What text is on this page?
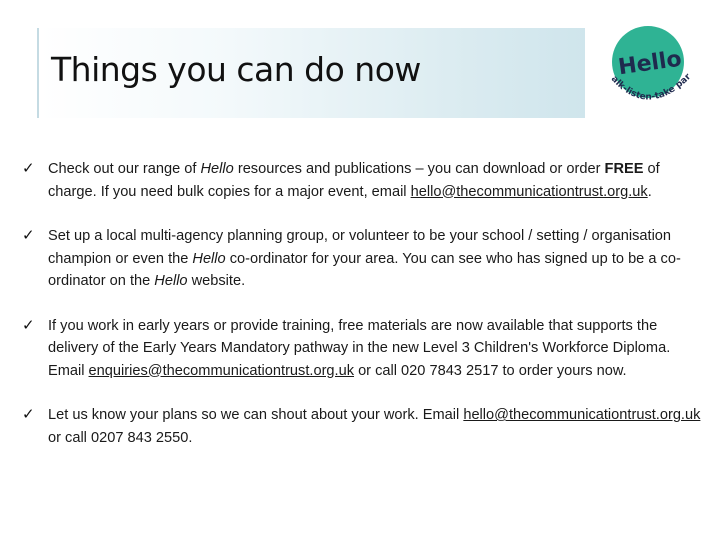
Things you can do now	Hello
alk-listen-take par
✓ Check out our range of Hello resources and publications – you can download or order FREE of charge. If you need bulk copies for a major event, email hello@thecommunicationtrust.org.uk.
✓ Set up a local multi-agency planning group, or volunteer to be your school / setting / organisation champion or even the Hello co-ordinator for your area. You can see who has signed up to be a co-ordinator on the Hello website.
✓ If you work in early years or provide training, free materials are now available that supports the delivery of the Early Years Mandatory pathway in the new Level 3 Children's Workforce Diploma. Email enquiries@thecommunicationtrust.org.uk or call 020 7843 2517 to order yours now.
✓ Let us know your plans so we can shout about your work. Email hello@thecommunicationtrust.org.uk or call 0207 843 2550.
